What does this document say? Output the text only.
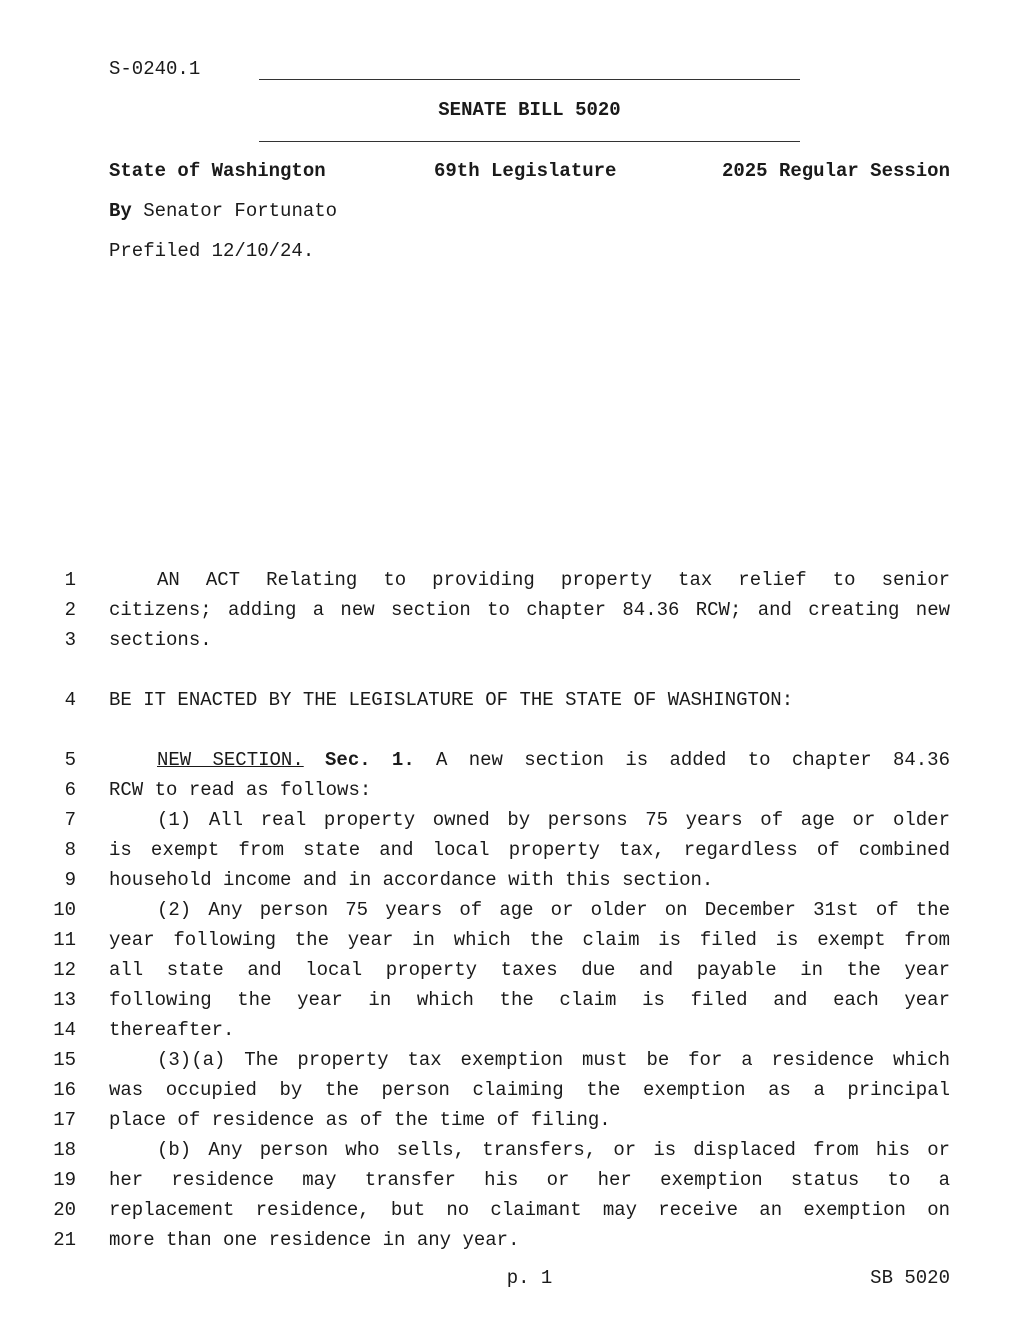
S-0240.1
SENATE BILL 5020
State of Washington	69th Legislature	2025 Regular Session
By Senator Fortunato
Prefiled 12/10/24.
1	AN ACT Relating to providing property tax relief to senior
2 citizens; adding a new section to chapter 84.36 RCW; and creating new
3 sections.
4 BE IT ENACTED BY THE LEGISLATURE OF THE STATE OF WASHINGTON:
5	NEW SECTION. Sec. 1. A new section is added to chapter 84.36
6 RCW to read as follows:
7	(1) All real property owned by persons 75 years of age or older
8 is exempt from state and local property tax, regardless of combined
9 household income and in accordance with this section.
10	(2) Any person 75 years of age or older on December 31st of the
11 year following the year in which the claim is filed is exempt from
12 all state and local property taxes due and payable in the year
13 following the year in which the claim is filed and each year
14 thereafter.
15	(3)(a) The property tax exemption must be for a residence which
16 was occupied by the person claiming the exemption as a principal
17 place of residence as of the time of filing.
18	(b) Any person who sells, transfers, or is displaced from his or
19 her residence may transfer his or her exemption status to a
20 replacement residence, but no claimant may receive an exemption on
21 more than one residence in any year.
p. 1	SB 5020
